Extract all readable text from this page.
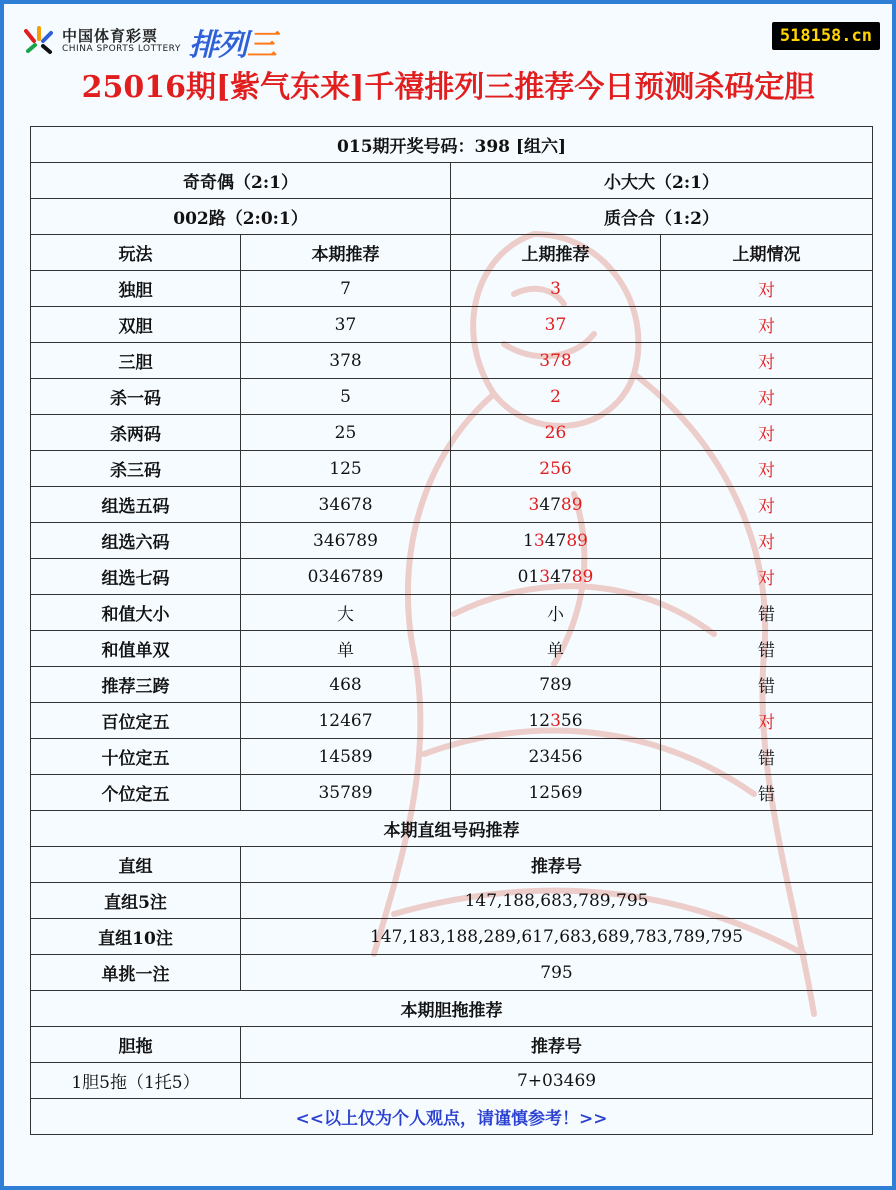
中国体育彩票
CHINA SPORTS LOTTERY 排列三	518158.cn
25016期[紫气东来]千禧排列三推荐今日预测杀码定胆
015期开奖号码：398 [组六]			
奇奇偶（2:1）		小大大（2:1）	
002路（2:0:1）		质合合（1:2）	
玩法	本期推荐	上期推荐	上期情况
独胆	7	3	对
双胆	37	37	对
三胆	378	378	对
杀一码	5	2	对
杀两码	25	26	对
杀三码	125	256	对
组选五码	34678	34789	对
组选六码	346789	134789	对
组选七码	0346789	0134789	对
和值大小	大	小	错
和值单双	单	单	错
推荐三跨	468	789	错
百位定五	12467	12356	对
十位定五	14589	23456	错
个位定五	35789	12569	错
本期直组号码推荐			
直组	推荐号		
直组5注	147,188,683,789,795		
直组10注	147,183,188,289,617,683,689,783,789,795		
单挑一注	795		
本期胆拖推荐			
胆拖	推荐号		
1胆5拖（1托5）	7+03469		
<<以上仅为个人观点，请谨慎参考！>>			
